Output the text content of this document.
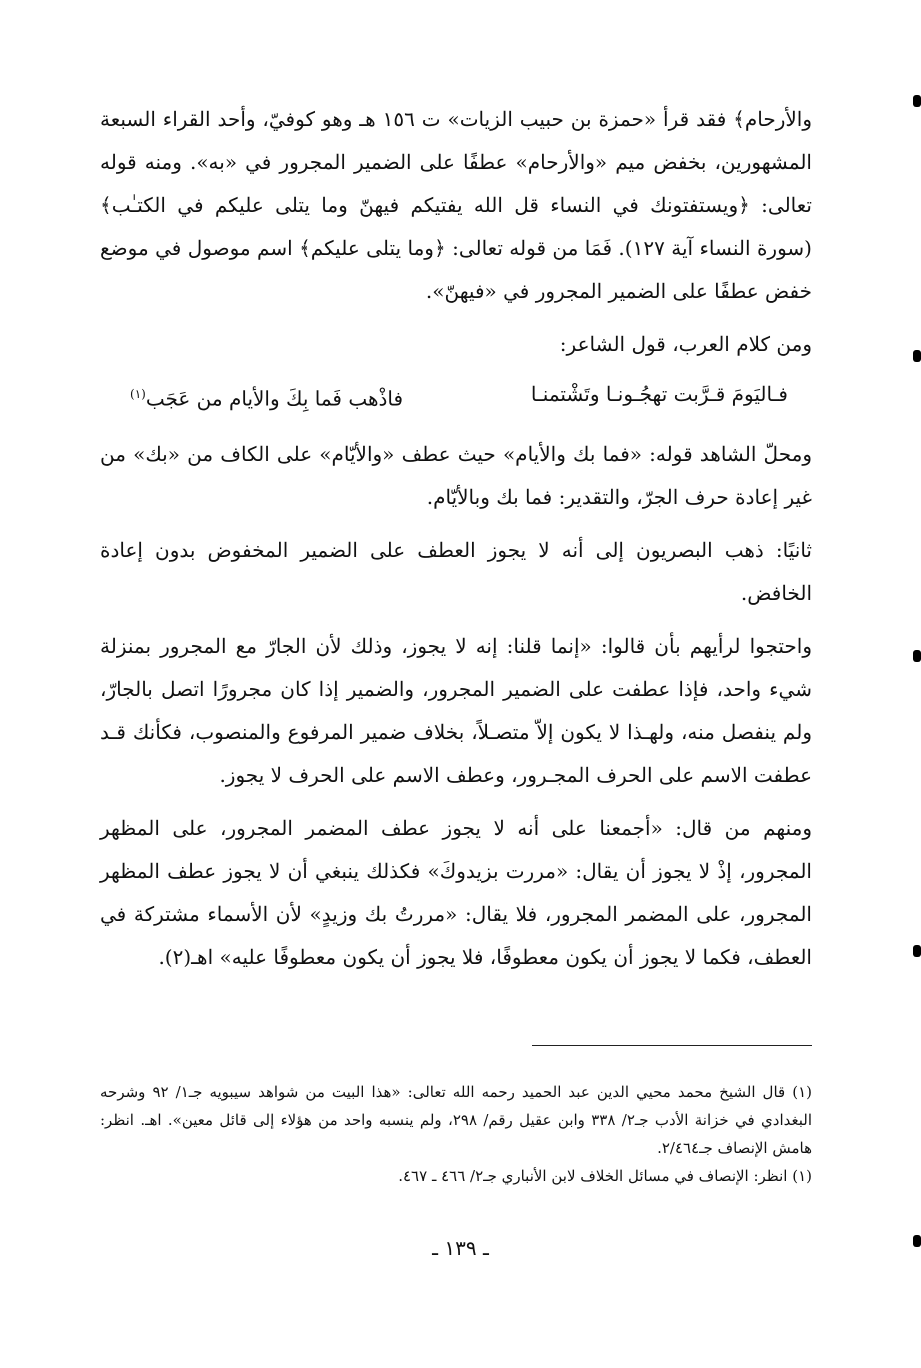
والأرحام﴾ فقد قرأ «حمزة بن حبيب الزيات» ت ١٥٦ هـ وهو كوفيّ، وأحد القراء السبعة المشهورين، بخفض ميم «والأرحام» عطفًا على الضمير المجرور في «به». ومنه قوله تعالى: ﴿ويستفتونك في النساء قل الله يفتيكم فيهنّ وما يتلى عليكم في الكتـٰب﴾ (سورة النساء آية ١٢٧). فَمَا من قوله تعالى: ﴿وما يتلى عليكم﴾ اسم موصول في موضع خفض عطفًا على الضمير المجرور في «فيهنّ».

ومن كلام العرب، قول الشاعر:

فـاليَومَ قـرَّبت تهجُـونـا وتَشْتمنـا
فاذْهب فَما بِكَ والأيام من عَجَب$^{(١)}$

ومحلّ الشاهد قوله: «فما بك والأيام» حيث عطف «والأيّام» على الكاف من «بك» من غير إعادة حرف الجرّ، والتقدير: فما بك وبالأيّام.

ثانيًا: ذهب البصريون إلى أنه لا يجوز العطف على الضمير المخفوض بدون إعادة الخافض.

واحتجوا لرأيهم بأن قالوا: «إنما قلنا: إنه لا يجوز، وذلك لأن الجارّ مع المجرور بمنزلة شيء واحد، فإذا عطفت على الضمير المجرور، والضمير إذا كان مجرورًا اتصل بالجارّ، ولم ينفصل منه، ولهـذا لا يكون إلاّ متصـلاً، بخلاف ضمير المرفوع والمنصوب، فكأنك قـد عطفت الاسم على الحرف المجـرور، وعطف الاسم على الحرف لا يجوز.

ومنهم من قال: «أجمعنا على أنه لا يجوز عطف المضمر المجرور، على المظهر المجرور، إذْ لا يجوز أن يقال: «مررت بزيدوكَ» فكذلك ينبغي أن لا يجوز عطف المظهر المجرور، على المضمر المجرور، فلا يقال: «مررتُ بك وزيدٍ» لأن الأسماء مشتركة في العطف، فكما لا يجوز أن يكون معطوفًا، فلا يجوز أن يكون معطوفًا عليه» اهـ(٢).

(١) قال الشيخ محمد محيي الدين عبد الحميد رحمه الله تعالى: «هذا البيت من شواهد سيبويه جـ١/ ٩٢ وشرحه البغدادي في خزانة الأدب جـ٢/ ٣٣٨ وابن عقيل رقم/ ٢٩٨، ولم ينسبه واحد من هؤلاء إلى قائل معين». اهـ. انظر: هامش الإنصاف جـ٢/٤٦٤.

(١) انظر: الإنصاف في مسائل الخلاف لابن الأنباري جـ٢/ ٤٦٦ ـ ٤٦٧.

ـ ١٣٩ ـ
